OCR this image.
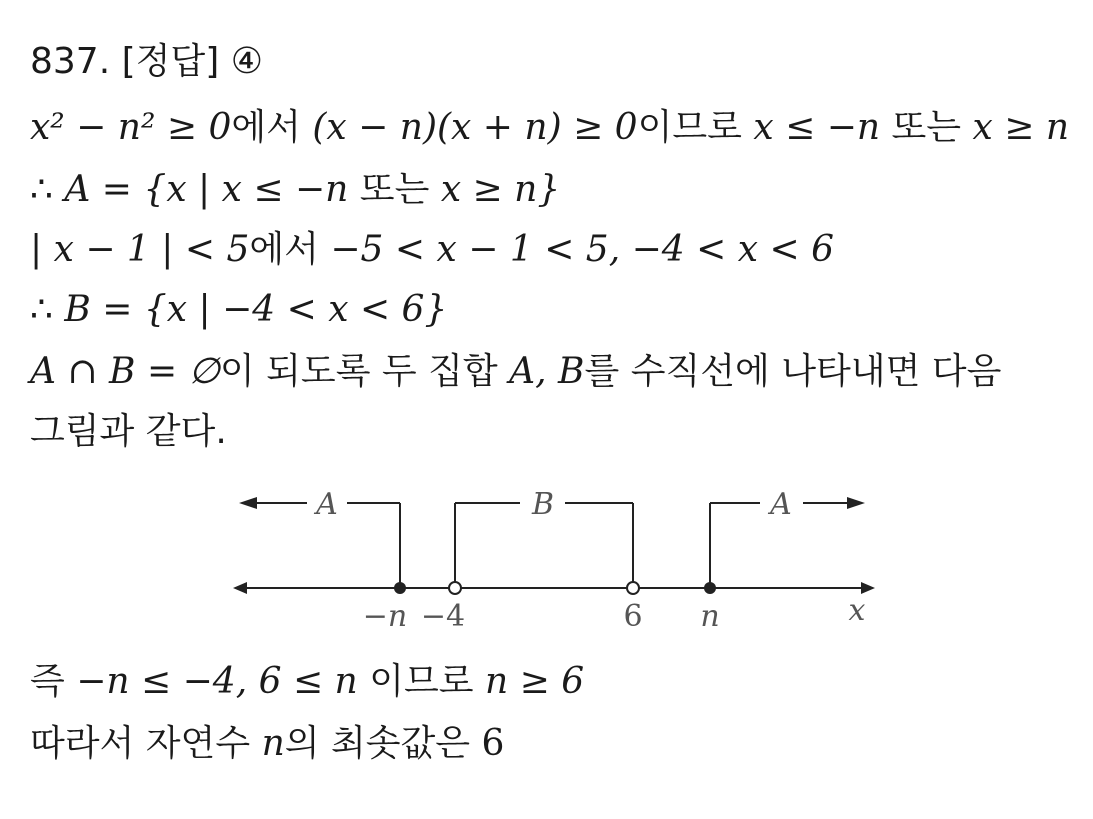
837. [정답] ④
x² − n² ≥ 0에서 (x − n)(x + n) ≥ 0이므로 x ≤ −n 또는 x ≥ n
∴ A = {x | x ≤ −n 또는 x ≥ n}
| x − 1 | < 5에서 −5 < x − 1 < 5, −4 < x < 6
∴ B = {x | −4 < x < 6}
A ∩ B = ∅이 되도록 두 집합 A, B를 수직선에 나타내면 다음
그림과 같다.
A	B	A
−n −4	6 n	x
즉 −n ≤ −4, 6 ≤ n 이므로 n ≥ 6
따라서 자연수 n의 최솟값은 6
